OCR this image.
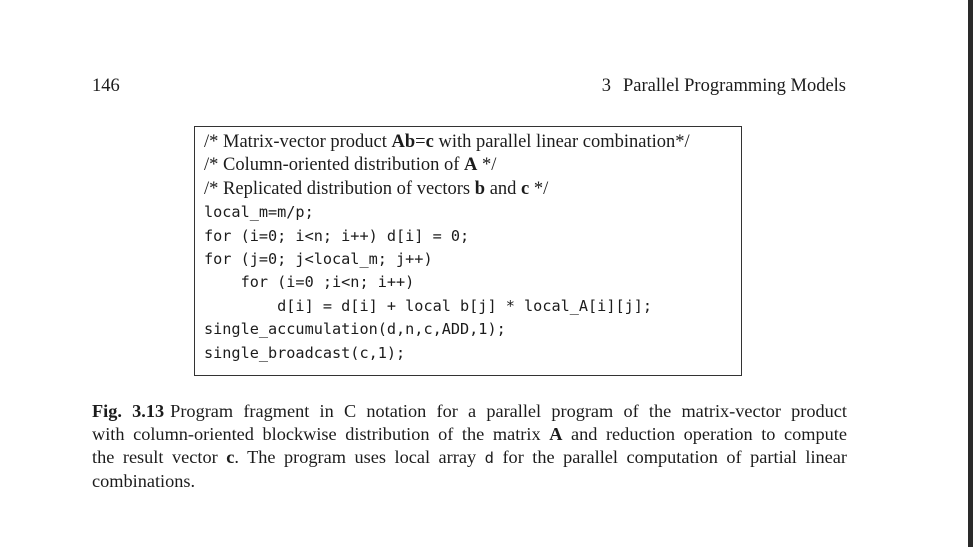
146	3 Parallel Programming Models
/* Matrix-vector product Ab=c with parallel linear combination*/
/* Column-oriented distribution of A */
/* Replicated distribution of vectors b and c */
local_m=m/p;
for (i=0; i<n; i++) d[i] = 0;
for (j=0; j<local_m; j++)
for (i=0 ;i<n; i++)
d[i] = d[i] + local b[j] * local_A[i][j];
single_accumulation(d,n,c,ADD,1);
single_broadcast(c,1);
Fig. 3.13 Program fragment in C notation for a parallel program of the matrix-vector product
with column-oriented blockwise distribution of the matrix A and reduction operation to compute
the result vector c. The program uses local array d for the parallel computation of partial linear
combinations.
